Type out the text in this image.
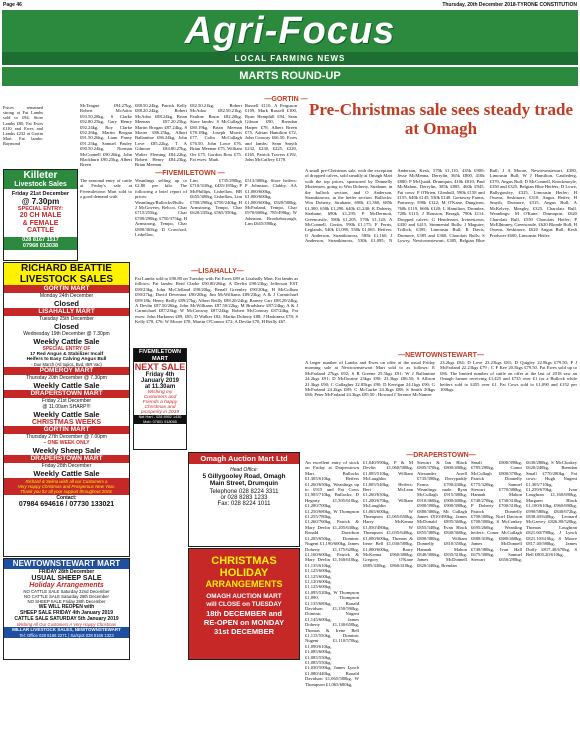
Page 46	Thursday, 20th December 2018-TYRONE CONSTITUTION
Agri-Focus
LOCAL FARMING NEWS
MARTS ROUND-UP
Prices remained strong at Fat Lambs sold to £94, Store Lambs £80, Fat Ewes £110 and Ewes and Lambs £232 at Gortin Mart. Fat lambs: Raymond
Killeter
Livestock Sales
Friday 21st December
@ 7.30pm
SPECIAL ENTRY:
20 CH MALE
& FEMALE
CATTLE
028 8167 1517
07968 013038
RICHARD BEATTIE
LIVESTOCK SALES
GORTIN MART
Monday 24th December
Closed
LISAHALLY MART
Tuesday 25th December
Closed
Wednesday 19th December @ 7.30pm
Weekly Cattle Sale
SPECIAL ENTRY OF
17 Red Angus & Stabilizer Incalf
Heifers to Easy Calving Angus Bull
- Due March (All topics, Bvd, IBR Vac)
POMEROY MART
Thursday 20th December @ 7.30pm
Weekly Cattle Sale
DRAPERSTOWN MART
Friday 21st December
@ 11.00am SHARP!!!
Weekly Cattle Sale
CHRISTMAS WEEKS
GORTIN MART
Thursday 27th December @ 7.00pm
– ONE WEEK ONLY
Weekly Sheep Sale
DRAPERSTOWN MART
Friday 28th December
Weekly Cattle Sale
Richard & Selina wish all our Customers a
Very Happy Christmas and Prosperous New Year.
Thank you for all your support throughout 2018.
Contact:
07984 694616 / 07730 133021
NEWTOWNSTEWART MART
FRIDAY 28th December
USUAL SHEEP SALE
Holiday Arrangements
NO CATTLE SALE Saturday 22nd December
NO CATTLE SALE Saturday 29th December
NO SHEEP SALE Friday 28th December
WE WILL REOPEN with
SHEEP SALE FRIDAY 4th January 2019
CATTLE SALE SATURDAY 5th January 2019
Wishing All Our Customers A Very Happy Christmas
MILLAR LIVESTOCK SALES, NEWTOWNSTEWART
Tel: Office 028 8166 2271 | Sa/spot 028 8166 1323
—GORTIN —
McTeague £94.27kg, Robert McAdoo £93.50.28kg, S Clarke £92.80.25kg, Gary Henry £92.24kg, Roy Clarke £92.26kg, Martin Brogan £91.50.26kg, Liam Pansy £91.25kg, Samuel Pauley £90.50.24kg, Norman McConnell £90.26kg, John Blackburn £90.25kg, Albert Breen
£88.50.24kg, Patrick Kelly £88.20.24kg, Robert McAdoo £88.24kg, Brian Meenan £87.20.25kg, Martin Brogan £87.24kg, S Moore £86.25kg, Albert Ballantine £86.24kg, John Love £85.22kg, T A Gilmore £84.80.27kg, Walter Fleming £84.22kg, Robert Henry £84.23kg, Brian Meenan
£82.50.21kg, Robert McAdoo £82.50.21kg, Pauline Bruin £82.20kg. Store lambs: S McCullagh £80.19kg, Brian Meenan £78.18kg, Joseph Morris £77, Colin McCullagh £76.50, John Lowe £76, Brian Meenan £75, William Orr £75, Gordon Ross £75. Fat ewes: Mark
Russell £110, A Ferguson £109, Mark Russell £100, Ryan Hemphill £94, Sean Gibson £90, Brendan Harper £78. Albert Breen £75, Adrian Hamilton £72, John Conway £66.50. Ewes and lambs: Sean Smyth £232, £230, £225, £220, £165, Patrick Travers £192, John McCaffrey £170.
—FIVEMILETOWN —
The seasonal entry of cattle at Friday's sale at Fivemiletown Mart sold to a good demand with
Weanlings selling up to £2.80 per kilo. The following a brief report of prices: Weanlings/Bullocks/Bulls: J McGovern, Belcoo, Char £715/255kg, Char £700/290kg, £750/375kg; H Armstrong, Tempo, Char £800/365kg; D Crawford, Lisbellaw,
Lim £735/290kg, £710/310kg, £435/185kg; P McPhillips, Lisbellaw, BB £655/300kg, Lisbellaw, Lim £700/290kg, £750/240kg; H Armstrong, Tempo, Char £620/235kg, £565/350kg,
£513/300kg. Store heifers: P Johnston, Clabby, AA £1,000/600kg, £1,000/600kg, £1,000/600kg, £920/580kg. McFarland, Tempo, Char £970/600kg, 785/490kg; W Johnston, Brookeborough, Lim £645/390kg.
Pre-Christmas sale sees steady trade at Omagh
A small pre-Christmas sale, with the exception of dropped calves, sold steadily at Omagh Mart with the top prices, sponsored by Donnelly Mortensen, going to Wm Doherty, Strabane, in the bullock section, and O Anderson, Stranikinross, in the heifer section. Bullocks: Wm Doherty, Strabane, 690k £1,360, 685k £1,300, 650k £1,290, 640k £1,240; K Doherty, Strabane, 690k £1,295; P McDermott, Greencastle, 580k £1,205, 570k £1,120; A McConnell, Gortin, 590k £1,175; F Ferris, Leglands, 540k £1,090, 530k £1,065. Heifers: O Anderson, Stranikinross, 585k £1,160, J Anderson, Stranikinross, 530k £1,095; N Anderson, Kesh, 570k £1,110, 435k £900; Jesse McMenna, Derrylin, 365k £800, 410k £880; P McQuaid, Drumquin, 410k £810; Paul McMahon, Derrylin, 385k £805, 460k £945. Fat cows: P O'Brien, Glenhull, 590k £158 and £155, 640k £145, 530k £148. Gortaway Farms, Pomeroy, 590k £122; M O'Kane, Dungiven, 760k £119, 660k £120; L Hamilton, Dromlea, 720k £115; J Houston, Beragh, 790k £114. Dropped calves: G Henderson, Irvinestown, £430 and £415, Simmental Bulls; J Maguire, Trillick, £395; Limousin Bull; R Davis, Dromore, £385 and £360, Charolais Bulls; S Lowry, Newtownstewart, £385, Belgian Blue Bull; J A Moore, Newtownstewart, £380, Limousin Bull; W J Hamilton, Castlederg, £370, Angus Bull; D McConnell, Knockmoyle, £350 and £325, Belgian Blue Heifers; D Lowe, Ballygawley, £325, Limousin Heifer; H Owens, Seskinore, £310, Angus Heifer; H Smyth, Dromore, £315, Angus Bull; A McKelvey, Meaghy, £325, Charolais Bull. Weanlings: M O'Kane, Drumquin, £620 Charolais Bull, £550 Charolais Heifer; P McElhinney, Greencastle, £620 Blonde Bull; H Owens, Seskinore, £620 Angus Bull, Kesh Producer £600, Limousin Heifer.
—LISAHALLY—
Fat Lambs sold to £90.80 on Tuesday with Fat Ewes £89 at Lisahally Mart. Fat lambs as follows: Fat lambs: Reid Clarke £90.80/26kg; A Devlin £90/23kg; Jefferson EST £90/23kg, John McClelland £90/20kg, Renall Greenley £90/20kg; H McCollum £90/27kg; David Devennor £90/20kg; Jim McWilliams £89/23kg; A & J Carmichael £89/18k; Henry Reilly £89/27kg; Albert Reilly £88.20/24kg; Barney Carr £88.20/24kg, A Devlin £87.50/26kg, John McWilliams £87.50/22kg; M Bradshaw £87/24kg; A & J Carmichael £87/23kg; W McConway £87/24kg; Robert McConway £87/24kg. Fat ewes: John Harkness £89, £85; D Walker £82; Martin Doherty £88; J Harkiness £78; S Kelly £78, £76; W Moore £78, Martin O'Connor £72; A Devlin £70, H Reilly £67.
FIVEMILETOWN
MART
NEXT SALE
Friday 4th
January 2019
at 11.30am
Wishing my
Customers and
Friends a happy
Christmas and
prosperity in 2019
Nat Hart - 028 8952 1430
Mob: 07801 918065
Omagh Auction Mart Ltd
Head Office:
5 Gillygooley Road, Omagh
Main Street, Drumquin
Telephone 028 8224 3311
or 028 8283 1233
Fax: 028 8224 1011
CHRISTMAS
HOLIDAY
ARRANGEMENTS
OMAGH AUCTION MART
will CLOSE on TUESDAY
18th DECEMBER and
RE-OPEN on MONDAY
31st DECEMBER
—NEWTOWNSTEWART—
A larger number of Lambs and Ewes on offer at the usual Friday morning sale at Newtownstewart Mart sold to as follows: E McFarland 27kgs £92; S R Greene 25.5kgs £91; W J Ballantine 24.2kgs £91; D McIlwaine 23kgs £90; 23.3kgs £86.50; S Allison 21.3kgs £90; C Gallagher 22.85kgs £90; D Kerrigan 24.1kgs £90; G McFarland 24.2kgs £89; C McGurke 24.3kgs £88; S Smith 20kgs £86; Peter McFarland 24.3kgs £85.50 ; Howard J Terence McNamee
23.2kgs £84; D Love 23.23kgs £83; D Quigley 22.8kgs £79.50; P J McFarland 22.23kgs £79 ; C F Kee 20.5kgs £79.50. Fat Ewes sold up to £86. The limited number of cattle on offer at the last of 2018 saw an Omagh farmer receiving £1,425 and £735 over £1 for a Bullock while heifers sold to £455 over £1. Fat Cows sold to £1,090 and £152 per 100kgs.
—DRAPERSTOWN—
An excellent entry of stock on Friday at Draperstown Mart. Bullocks £1,305/610kg. Heifers £1,260/650kg. Weanlings up to £915 and Fat Cows £1,905/710kg. Bullocks: D Hegarty £1,305/610kg, £1,280/700kg, £1,250/680kg, W Thompson £1,255/780kg, £1,260/760kg, Patrick & Mary Devlin £1,205/630kg, Ronald Davidson £1,205/650kg, Dominic Nugent £1,190/600kg, James Doherty £1,175/620kg, £1,160/600kg, Patrick & Mary Devlin £1,160/610kg, £1,135/610kg, £1,125/600kg, £1,125/600kg, £1,120/600kg, £1,125/600kg, £1,095/520kg, W Thompson £1,090, Thompson £1,135/680kg, Ronald Davidson £1,150/590kg, Dominic Nugent £1,145/600kg, James Doherty £1,130/650kg, Thomas & Irene Bell £1,115/550kg, Dominic Nugent £1,110/570kg, £1,090/610kg, £1,085/600kg, £1,085/550kg, £1,085/550kg, £1,030/500kg, James Lynch £1,080/440kg, Ronald Davidson £1,065/580kg, W Thompson £1,065/680kg,
£1,040/590kg, P & M Devlin £1,060/580kg, £1,005/510kg, William McLaughlin £1,005/540kg. Heifers: Bert McLean £1,260/650kg, £1,200/670kg, William McLaughlin £1,065/600kg, W Thompson £1,065/650kg, Harry McKenna £1,050/480kg, W Thompson £1,035/640kg, £1,000/600kg, Thomas & Irene Bell £1,030/580kg, £1,000/600kg, Barry McKenna £960/480kg, Gregory O'Kane £885/430kg, £860/410kg, Stewart & Ian Black £805/370kg, £800/400kg, Alexander Arrell £735/390kg, Derrypaddy Farms £700/430kg. Weanlings: male: Ryan McCullagh £915/380kg, £910/460kg, £900/400kg, £900/390kg, £900/390kg, £880/380kg, Mc Cullagh James £910/490kg, James McDonald £895/360kg, £855/340kg, Evan Black £855/380kg, £840/360kg, £800/380kg, William Donnelly £810/350kg, Hannah Mahon £840/300kg, £835/310kg, James McDonnell £820/340kg, Brendan
Small £800/390kg, £785/290kg, Conor McCullagh £800/370kg, Patrick Donnelly £775/320kg, Samuel Stewart £770/380kg, Hannah Mahon £740/270kg, £730/310kg, P Doherty £700/310kg, Patrick Donnelly £700/300kg, Noel Davison £700/300kg, S McConkey £695/260kg. Weanling heifers: Conor McCullagh £880/410kg, £880/460kg, James McDonnell £740/380kg, Ivan Hall £675/300kg, Samuel Stewart £650/290kg, £630/280kg, S McCluskey £620/240kg, Brendan Small £770/280kg. Fat cows: Hugh Nugent £1,305/710kg, £1,259/670kg. Ivan Loughran £1,160/690kg, Margaret Black £1,100/610kg, £960/690kg, £990/580kg, £840/672kg, £838.40/640kg, Leonard McGarvey £826.80/520kg, Thomas Loughran £821.60/790kg, J Lynch £821.10/610kg, S Moore £817.40/580kg, James Duffy £817.40/670kg, S Bell £805.20/610kg.
